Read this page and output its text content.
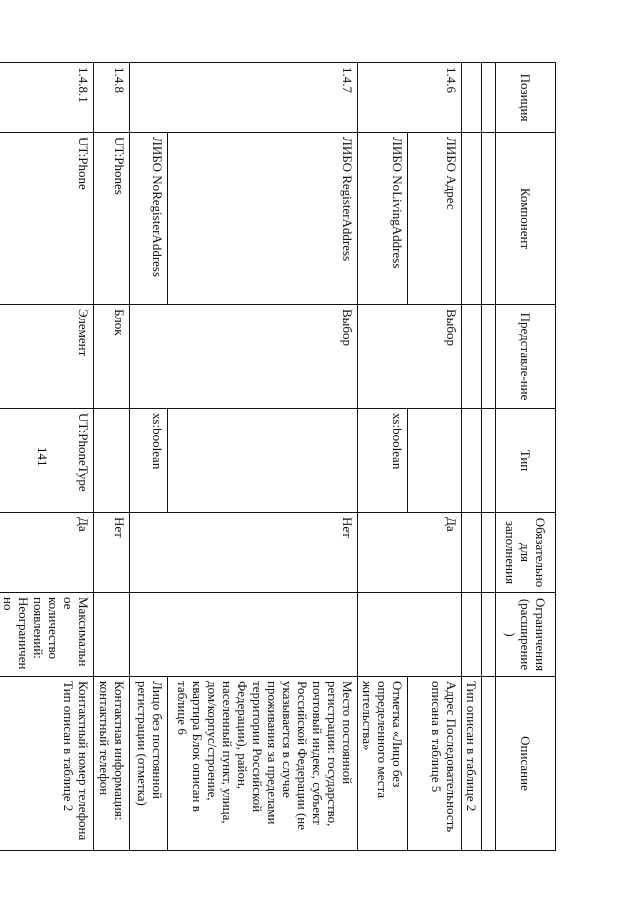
141
Позиция	Компонент	Представле-ние	Тип	Обязательно для заполнения	Ограничения (расширение)	Описание

						Тип описан в таблице 2
1.4.6	ЛИБО Адрес	Выбор		Да		Адрес Последовательность описана в таблице 5
	ЛИБО NoLivingAddress		xs:boolean			Отметка «Лицо без определенного места жительства»
1.4.7	ЛИБО RegisterAddress	Выбор		Нет		Место постоянной регистрации: государство, почтовый индекс, субъект Российской Федерации (не указывается в случае проживания за пределами территории Российской Федерации), район, населенный пункт, улица, дом/корпус/строение, квартира Блок описан в таблице 6
	ЛИБО NoRegisterAddress		xs:boolean			Лицо без постоянной регистрации (отметка)
1.4.8	UT:Phones	Блок		Нет		Контактная информация: контактный телефон
1.4.8.1	UT:Phone	Элемент	UT:PhoneType	Да	Максимальное количество появлений: Неограниченно	Контактный номер телефона Тип описан в таблице 2
